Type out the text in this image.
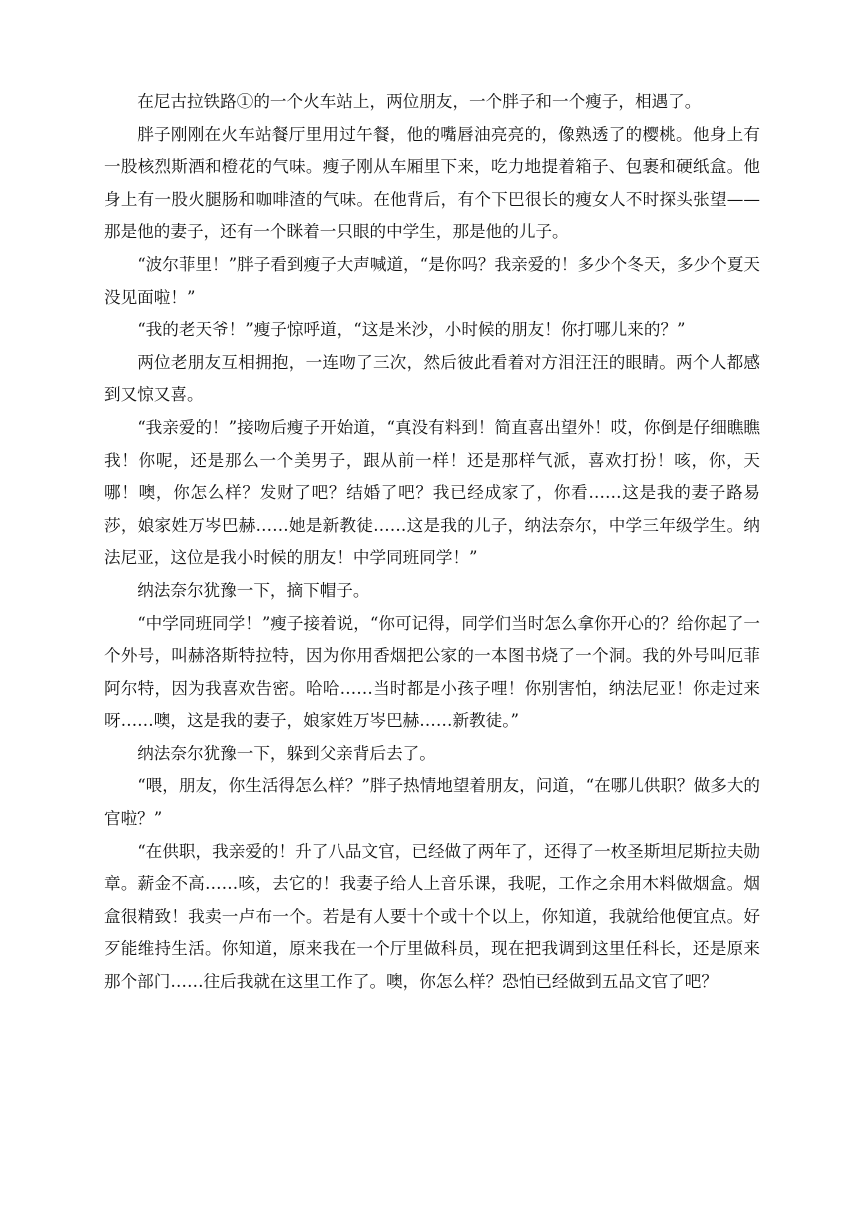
在尼古拉铁路①的一个火车站上，两位朋友，一个胖子和一个瘦子，相遇了。

胖子刚刚在火车站餐厅里用过午餐，他的嘴唇油亮亮的，像熟透了的樱桃。他身上有一股核烈斯酒和橙花的气味。瘦子刚从车厢里下来，吃力地提着箱子、包裹和硬纸盒。他身上有一股火腿肠和咖啡渣的气味。在他背后，有个下巴很长的瘦女人不时探头张望——那是他的妻子，还有一个眯着一只眼的中学生，那是他的儿子。

“波尔菲里！”胖子看到瘦子大声喊道，“是你吗？我亲爱的！多少个冬天，多少个夏天没见面啦！”

“我的老天爷！”瘦子惊呼道，“这是米沙，小时候的朋友！你打哪儿来的？”

两位老朋友互相拥抱，一连吻了三次，然后彼此看着对方泪汪汪的眼睛。两个人都感到又惊又喜。

“我亲爱的！”接吻后瘦子开始道，“真没有料到！简直喜出望外！哎，你倒是仔细瞧瞧我！你呢，还是那么一个美男子，跟从前一样！还是那样气派，喜欢打扮！咳，你，天哪！噢，你怎么样？发财了吧？结婚了吧？我已经成家了，你看……这是我的妻子路易莎，娘家姓万岑巴赫……她是新教徒……这是我的儿子，纳法奈尔，中学三年级学生。纳法尼亚，这位是我小时候的朋友！中学同班同学！”

纳法奈尔犹豫一下，摘下帽子。

“中学同班同学！”瘦子接着说，“你可记得，同学们当时怎么拿你开心的？给你起了一个外号，叫赫洛斯特拉特，因为你用香烟把公家的一本图书烧了一个洞。我的外号叫厄菲阿尔特，因为我喜欢告密。哈哈……当时都是小孩子哩！你别害怕，纳法尼亚！你走过来呀……噢，这是我的妻子，娘家姓万岑巴赫……新教徒。”

纳法奈尔犹豫一下，躲到父亲背后去了。

“喂，朋友，你生活得怎么样？”胖子热情地望着朋友，问道，“在哪儿供职？做多大的官啦？”

“在供职，我亲爱的！升了八品文官，已经做了两年了，还得了一枚圣斯坦尼斯拉夫勋章。薪金不高……咳，去它的！我妻子给人上音乐课，我呢，工作之余用木料做烟盒。烟盒很精致！我卖一卢布一个。若是有人要十个或十个以上，你知道，我就给他便宜点。好歹能维持生活。你知道，原来我在一个厅里做科员，现在把我调到这里任科长，还是原来那个部门……往后我就在这里工作了。噢，你怎么样？恐怕已经做到五品文官了吧？
